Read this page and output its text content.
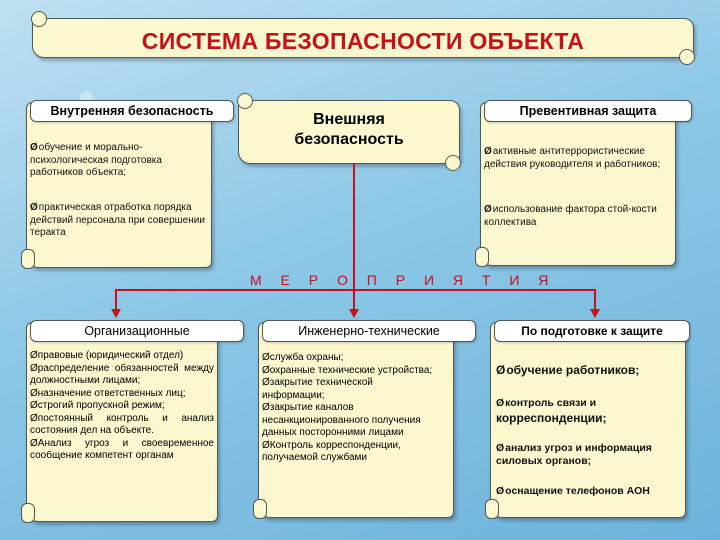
СИСТЕМА БЕЗОПАСНОСТИ ОБЪЕКТА
Внутренняя безопасность
Øобучение и морально-психологическая подготовка работников объекта;
Øпрактическая отработка порядка действий персонала при совершении теракта
Внешняя
безопасность
Превентивная защита
Øактивные антитеррористические действия руководителя и работников;
Øиспользование фактора стой-кости коллектива
М Е Р О П Р И Я Т И Я
Организационные
Øправовые (юридический отдел)
Øраспределение обязанностей между должностными лицами;
Øназначение ответственных лиц;
Øстрогий пропускной режим;
Øпостоянный контроль и анализ состояния дел на объекте.
ØАнализ угроз и своевременное сообщение компетент органам
Инженерно-технические
Øслужба охраны;
Øохранные технические устройства;
Øзакрытие технической информации;
Øзакрытие каналов несанкционированного получения данных посторонними лицами
ØКонтроль корреспонденции, получаемой службами
По подготовке к защите
Øобучение работников;
Øконтроль связи и
корреспонденции;
Øанализ угроз и информация силовых органов;
Øоснащение телефонов АОН
